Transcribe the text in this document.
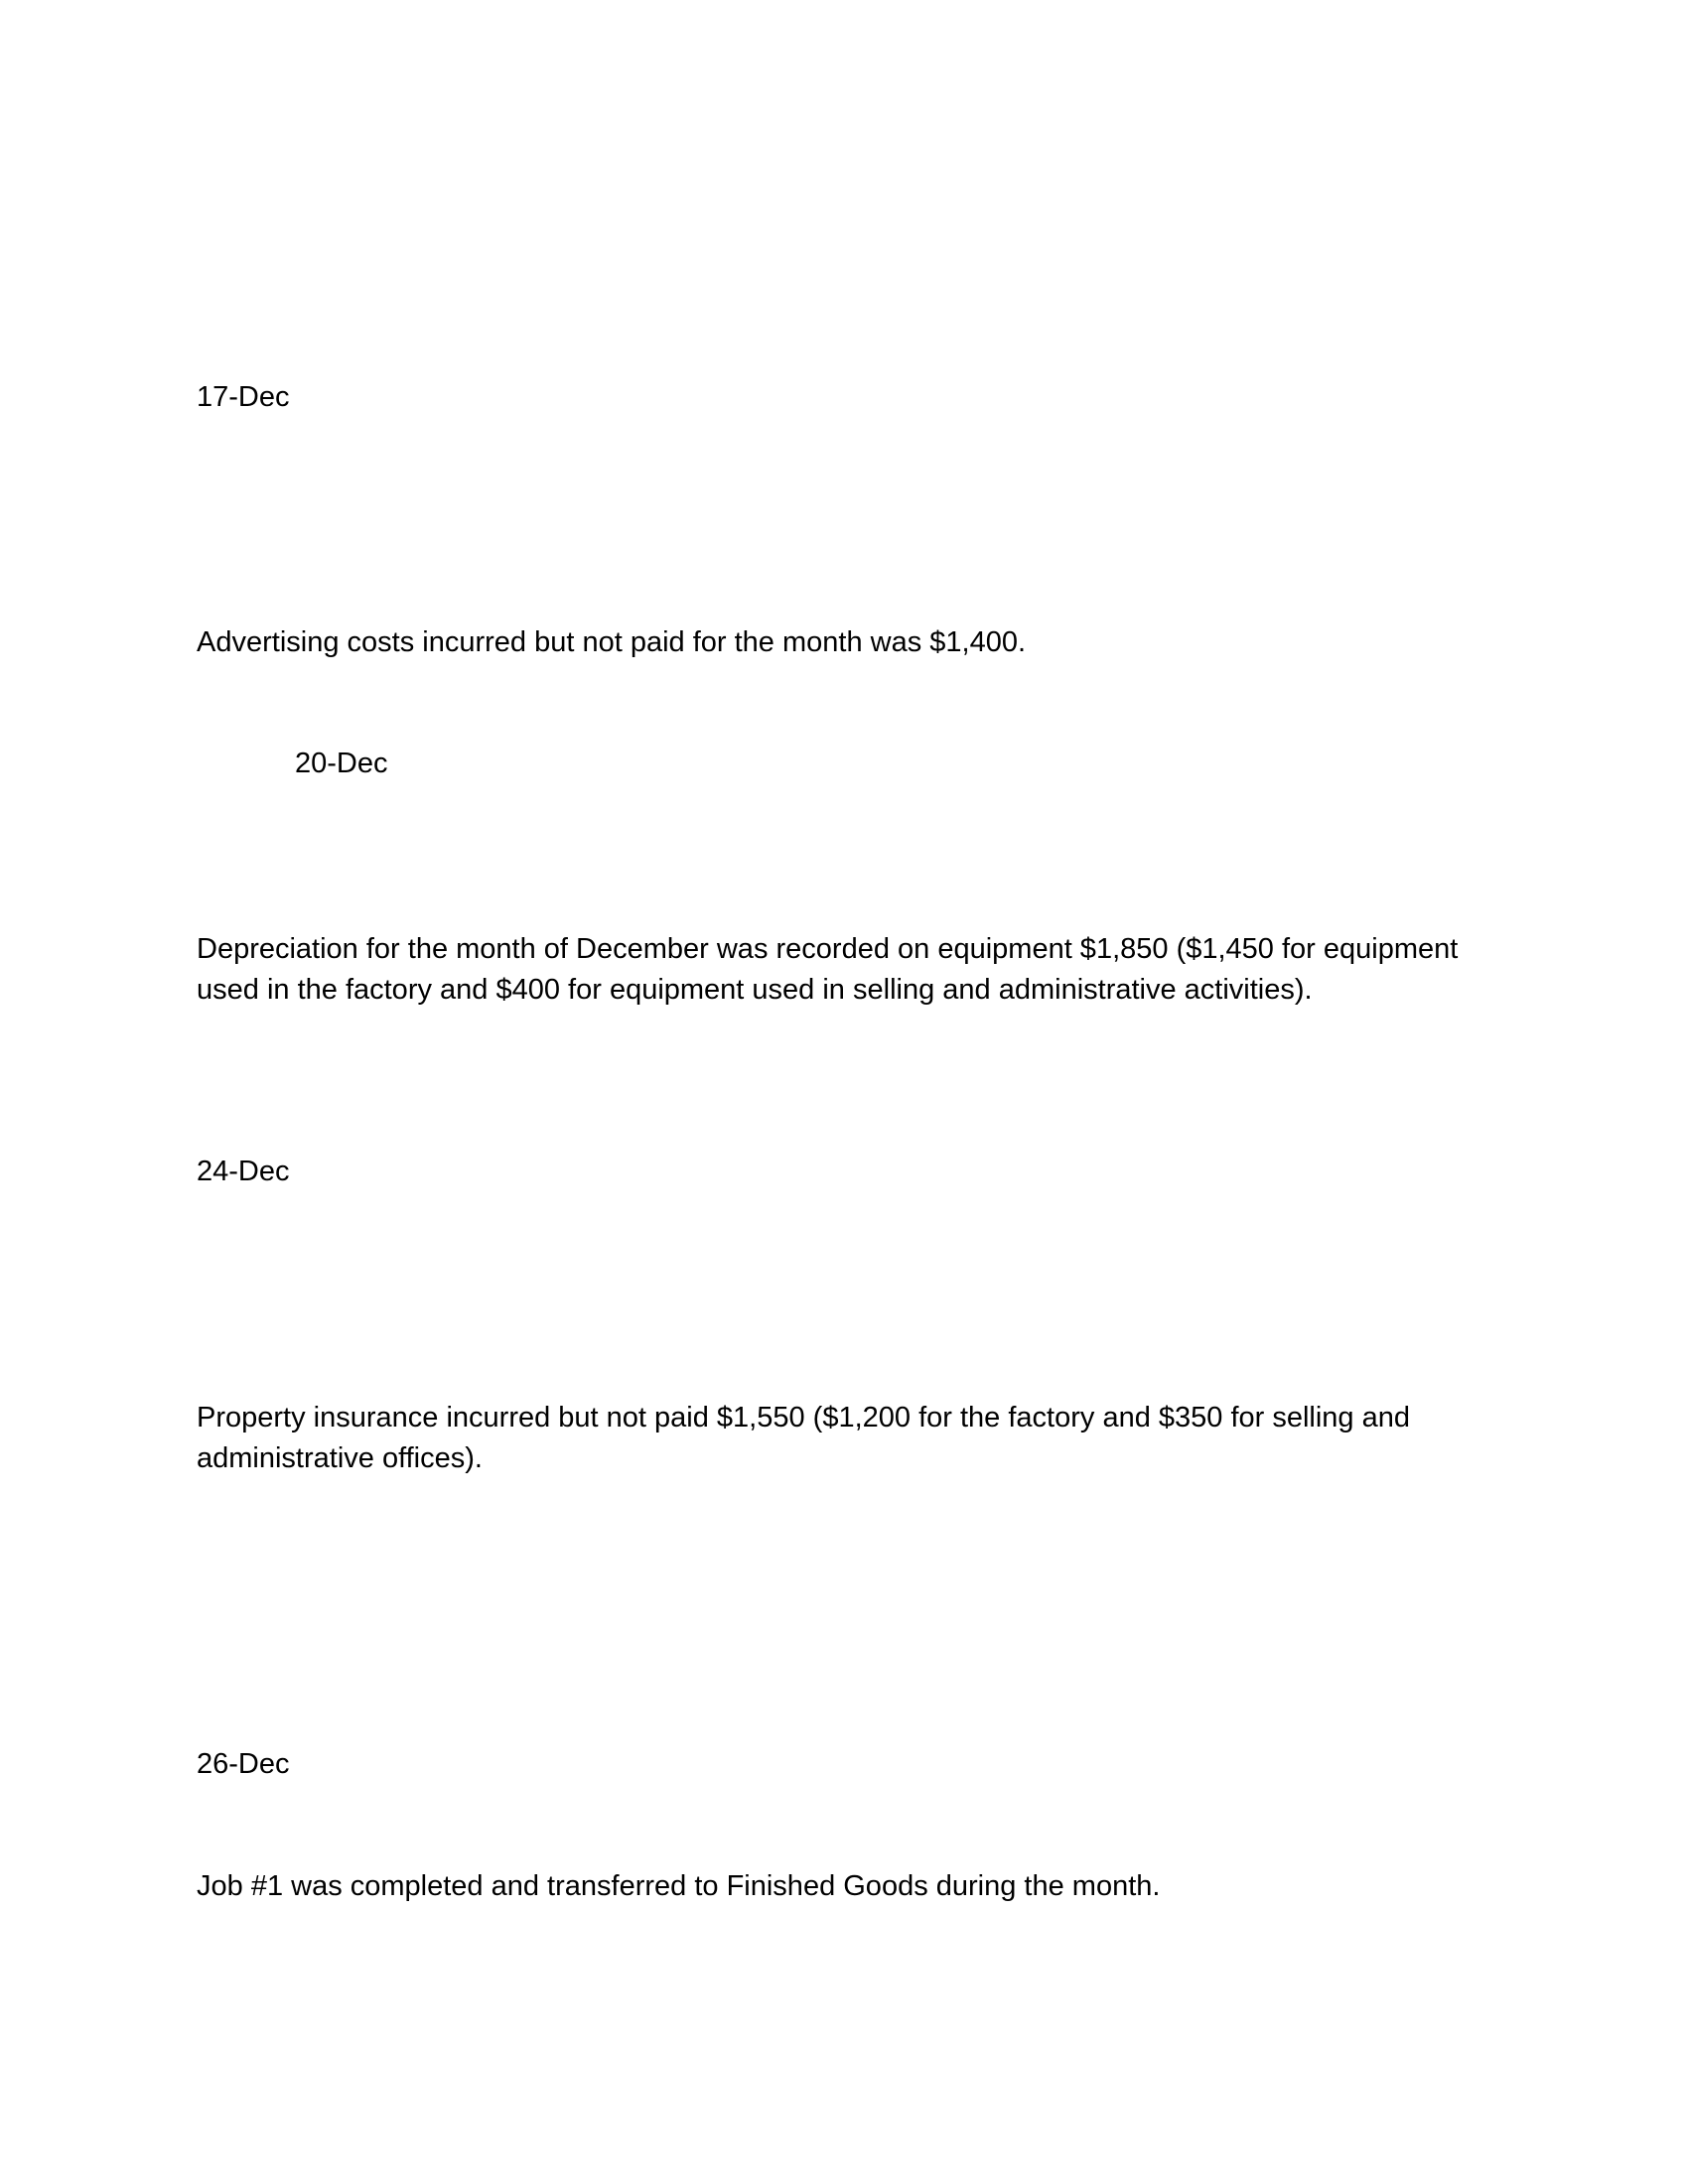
17-Dec
Advertising costs incurred but not paid for the month was $1,400.
20-Dec
Depreciation for the month of December was recorded on equipment $1,850 ($1,450 for equipment
used in the factory and $400 for equipment used in selling and administrative activities).
24-Dec
Property insurance incurred but not paid $1,550 ($1,200 for the factory and $350 for selling and
administrative offices).
26-Dec
Job #1 was completed and transferred to Finished Goods during the month.
